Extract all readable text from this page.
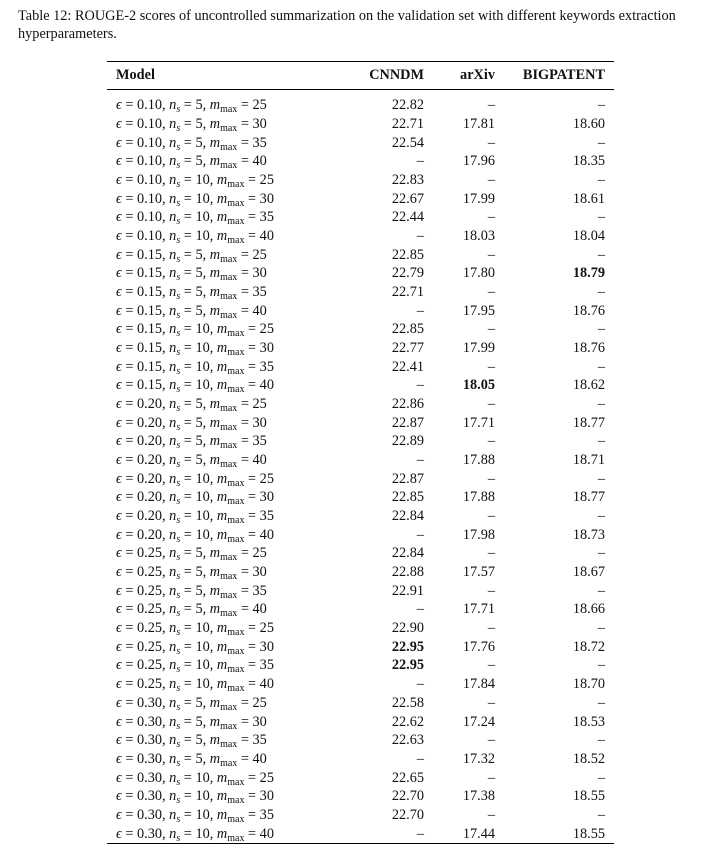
Table 12: ROUGE-2 scores of uncontrolled summarization on the validation set with different keywords extraction hyperparameters.
Model	CNNDM	arXiv	BIGPATENT
ϵ = 0.10, $n_s = 5$, $m_{max} = 25$	22.82	–	–
ϵ = 0.10, $n_s = 5$, $m_{max} = 30$	22.71	17.81	18.60
ϵ = 0.10, $n_s = 5$, $m_{max} = 35$	22.54	–	–
ϵ = 0.10, $n_s = 5$, $m_{max} = 40$	–	17.96	18.35
ϵ = 0.10, $n_s = 10$, $m_{max} = 25$	22.83	–	–
ϵ = 0.10, $n_s = 10$, $m_{max} = 30$	22.67	17.99	18.61
ϵ = 0.10, $n_s = 10$, $m_{max} = 35$	22.44	–	–
ϵ = 0.10, $n_s = 10$, $m_{max} = 40$	–	18.03	18.04
ϵ = 0.15, $n_s = 5$, $m_{max} = 25$	22.85	–	–
ϵ = 0.15, $n_s = 5$, $m_{max} = 30$	22.79	17.80	18.79
ϵ = 0.15, $n_s = 5$, $m_{max} = 35$	22.71	–	–
ϵ = 0.15, $n_s = 5$, $m_{max} = 40$	–	17.95	18.76
ϵ = 0.15, $n_s = 10$, $m_{max} = 25$	22.85	–	–
ϵ = 0.15, $n_s = 10$, $m_{max} = 30$	22.77	17.99	18.76
ϵ = 0.15, $n_s = 10$, $m_{max} = 35$	22.41	–	–
ϵ = 0.15, $n_s = 10$, $m_{max} = 40$	–	18.05	18.62
ϵ = 0.20, $n_s = 5$, $m_{max} = 25$	22.86	–	–
ϵ = 0.20, $n_s = 5$, $m_{max} = 30$	22.87	17.71	18.77
ϵ = 0.20, $n_s = 5$, $m_{max} = 35$	22.89	–	–
ϵ = 0.20, $n_s = 5$, $m_{max} = 40$	–	17.88	18.71
ϵ = 0.20, $n_s = 10$, $m_{max} = 25$	22.87	–	–
ϵ = 0.20, $n_s = 10$, $m_{max} = 30$	22.85	17.88	18.77
ϵ = 0.20, $n_s = 10$, $m_{max} = 35$	22.84	–	–
ϵ = 0.20, $n_s = 10$, $m_{max} = 40$	–	17.98	18.73
ϵ = 0.25, $n_s = 5$, $m_{max} = 25$	22.84	–	–
ϵ = 0.25, $n_s = 5$, $m_{max} = 30$	22.88	17.57	18.67
ϵ = 0.25, $n_s = 5$, $m_{max} = 35$	22.91	–	–
ϵ = 0.25, $n_s = 5$, $m_{max} = 40$	–	17.71	18.66
ϵ = 0.25, $n_s = 10$, $m_{max} = 25$	22.90	–	–
ϵ = 0.25, $n_s = 10$, $m_{max} = 30$	22.95	17.76	18.72
ϵ = 0.25, $n_s = 10$, $m_{max} = 35$	22.95	–	–
ϵ = 0.25, $n_s = 10$, $m_{max} = 40$	–	17.84	18.70
ϵ = 0.30, $n_s = 5$, $m_{max} = 25$	22.58	–	–
ϵ = 0.30, $n_s = 5$, $m_{max} = 30$	22.62	17.24	18.53
ϵ = 0.30, $n_s = 5$, $m_{max} = 35$	22.63	–	–
ϵ = 0.30, $n_s = 5$, $m_{max} = 40$	–	17.32	18.52
ϵ = 0.30, $n_s = 10$, $m_{max} = 25$	22.65	–	–
ϵ = 0.30, $n_s = 10$, $m_{max} = 30$	22.70	17.38	18.55
ϵ = 0.30, $n_s = 10$, $m_{max} = 35$	22.70	–	–
ϵ = 0.30, $n_s = 10$, $m_{max} = 40$	–	17.44	18.55
